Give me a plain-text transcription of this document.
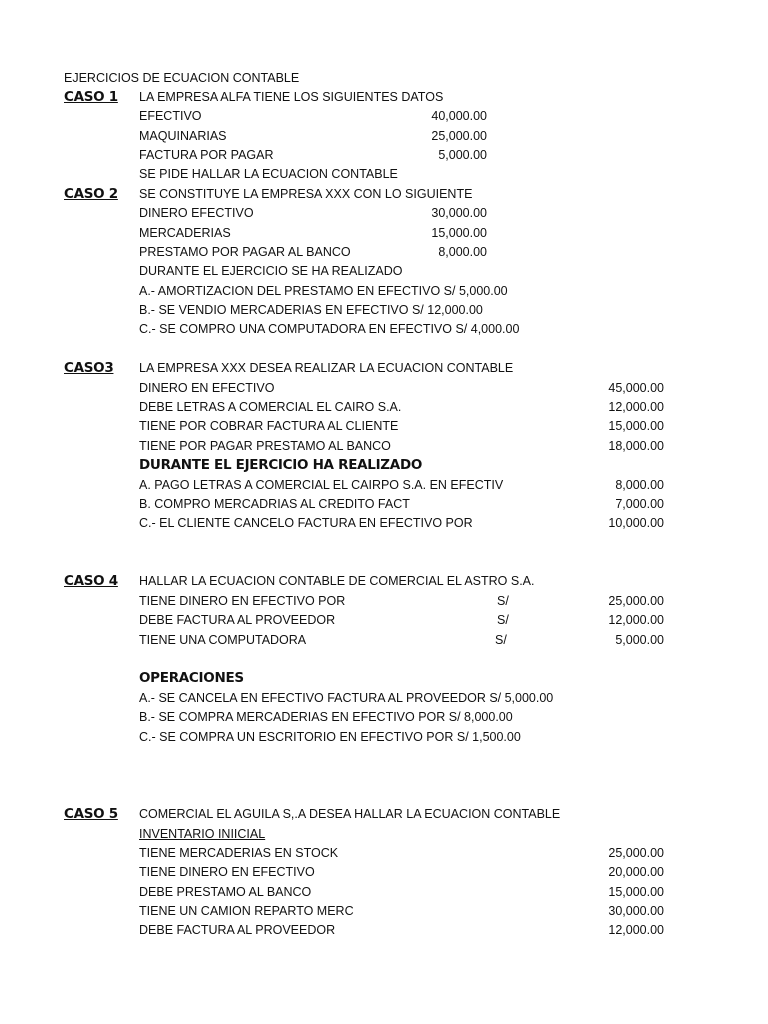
EJERCICIOS DE ECUACION CONTABLE
CASO 1 LA EMPRESA ALFA TIENE LOS SIGUIENTES DATOS
EFECTIVO	40,000.00
MAQUINARIAS	25,000.00
FACTURA POR PAGAR	5,000.00
SE PIDE HALLAR LA ECUACION CONTABLE
CASO 2 SE CONSTITUYE LA EMPRESA XXX CON LO SIGUIENTE
DINERO EFECTIVO	30,000.00
MERCADERIAS	15,000.00
PRESTAMO POR PAGAR AL BANCO	8,000.00
DURANTE EL EJERCICIO SE HA REALIZADO
A.- AMORTIZACION DEL PRESTAMO EN EFECTIVO S/ 5,000.00
B.- SE VENDIO MERCADERIAS EN EFECTIVO S/ 12,000.00
C.- SE COMPRO UNA COMPUTADORA EN EFECTIVO S/ 4,000.00
CASO3 LA EMPRESA XXX DESEA REALIZAR LA ECUACION CONTABLE
DINERO EN EFECTIVO	45,000.00
DEBE LETRAS A COMERCIAL EL CAIRO S.A.	12,000.00
TIENE POR COBRAR FACTURA AL CLIENTE	15,000.00
TIENE POR PAGAR PRESTAMO AL BANCO	18,000.00
DURANTE EL EJERCICIO HA REALIZADO
A. PAGO LETRAS A COMERCIAL EL CAIRPO S.A. EN EFECTIV	8,000.00
B. COMPRO MERCADRIAS AL CREDITO FACT	7,000.00
C.- EL CLIENTE CANCELO FACTURA EN EFECTIVO POR	10,000.00
CASO 4 HALLAR LA ECUACION CONTABLE DE COMERCIAL EL ASTRO S.A.
TIENE DINERO EN EFECTIVO POR	S/	25,000.00
DEBE FACTURA AL PROVEEDOR	S/	12,000.00
TIENE UNA COMPUTADORA	S/	5,000.00
OPERACIONES
A.- SE CANCELA EN EFECTIVO FACTURA AL PROVEEDOR S/ 5,000.00
B.- SE COMPRA MERCADERIAS EN EFECTIVO POR S/ 8,000.00
C.- SE COMPRA UN ESCRITORIO EN EFECTIVO POR S/ 1,500.00
CASO 5 COMERCIAL EL AGUILA S,.A DESEA HALLAR LA ECUACION CONTABLE
INVENTARIO INIICIAL
TIENE MERCADERIAS EN STOCK	25,000.00
TIENE DINERO EN EFECTIVO	20,000.00
DEBE PRESTAMO AL BANCO	15,000.00
TIENE UN CAMION REPARTO MERC	30,000.00
DEBE FACTURA AL PROVEEDOR	12,000.00
